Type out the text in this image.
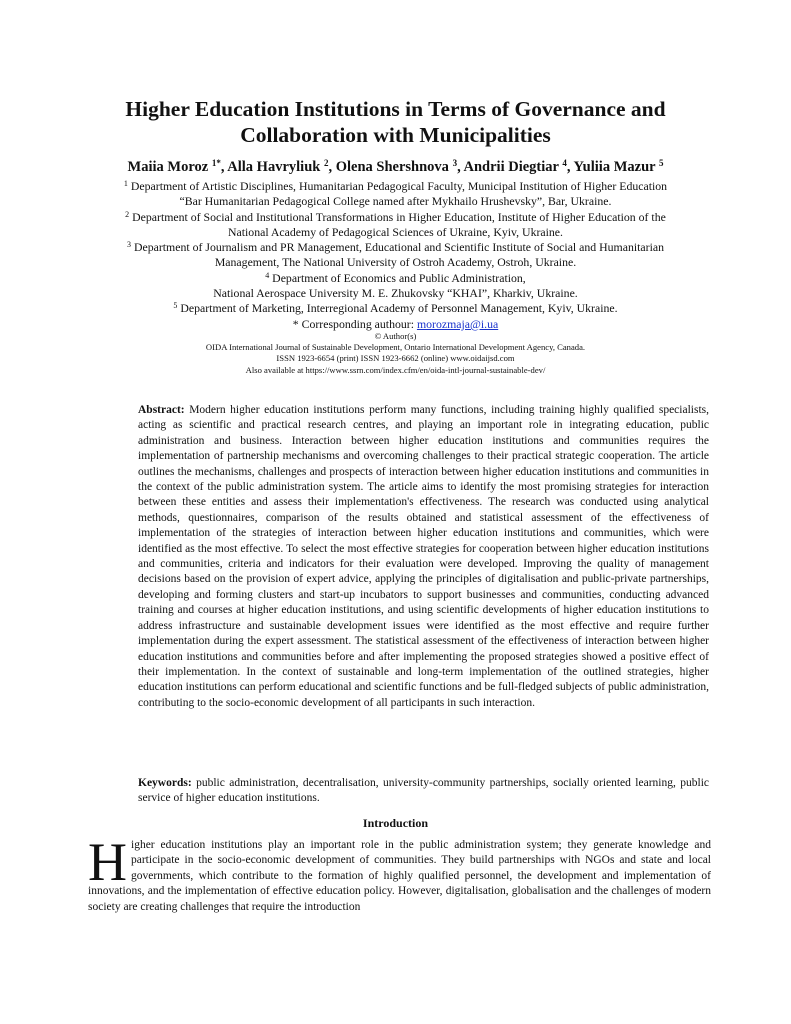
Higher Education Institutions in Terms of Governance and
Collaboration with Municipalities
Maiia Moroz $^{1*}$, Alla Havryliuk $^2$, Olena Shershnova $^3$, Andrii Diegtiar $^4$, Yuliia Mazur $^5$
$^1$ Department of Artistic Disciplines, Humanitarian Pedagogical Faculty, Municipal Institution of Higher Education
“Bar Humanitarian Pedagogical College named after Mykhailo Hrushevsky”, Bar, Ukraine.
$^2$ Department of Social and Institutional Transformations in Higher Education, Institute of Higher Education of the
National Academy of Pedagogical Sciences of Ukraine, Kyiv, Ukraine.
$^3$ Department of Journalism and PR Management, Educational and Scientific Institute of Social and Humanitarian
Management, The National University of Ostroh Academy, Ostroh, Ukraine.
$^4$ Department of Economics and Public Administration,
National Aerospace University M. E. Zhukovsky “KHAI”, Kharkiv, Ukraine.
$^5$ Department of Marketing, Interregional Academy of Personnel Management, Kyiv, Ukraine.
* Corresponding authour: morozmaja@i.ua
© Author(s)
OIDA International Journal of Sustainable Development, Ontario International Development Agency, Canada.
ISSN 1923-6654 (print) ISSN 1923-6662 (online) www.oidaijsd.com
Also available at https://www.ssrn.com/index.cfm/en/oida-intl-journal-sustainable-dev/
Abstract: Modern higher education institutions perform many functions, including training highly qualified specialists, acting as scientific and practical research centres, and playing an important role in integrating education, public administration and business. Interaction between higher education institutions and communities requires the implementation of partnership mechanisms and overcoming challenges to their practical strategic cooperation. The article outlines the mechanisms, challenges and prospects of interaction between higher education institutions and communities in the context of the public administration system. The article aims to identify the most promising strategies for interaction between these entities and assess their implementation's effectiveness. The research was conducted using analytical methods, questionnaires, comparison of the results obtained and statistical assessment of the effectiveness of implementation of the strategies of interaction between higher education institutions and communities, which were identified as the most effective. To select the most effective strategies for cooperation between higher education institutions and communities, criteria and indicators for their evaluation were developed. Improving the quality of management decisions based on the provision of expert advice, applying the principles of digitalisation and public-private partnerships, developing and forming clusters and start-up incubators to support businesses and communities, conducting advanced training and courses at higher education institutions, and using scientific developments of higher education institutions to address infrastructure and sustainable development issues were identified as the most effective and require further implementation during the expert assessment. The statistical assessment of the effectiveness of interaction between higher education institutions and communities before and after implementing the proposed strategies showed a positive effect of their implementation. In the context of sustainable and long-term implementation of the outlined strategies, higher education institutions can perform educational and scientific functions and be full-fledged subjects of public administration, contributing to the socio-economic development of all participants in such interaction.
Keywords: public administration, decentralisation, university-community partnerships, socially oriented learning, public service of higher education institutions.
Introduction
Higher education institutions play an important role in the public administration system; they generate knowledge and participate in the socio-economic development of communities. They build partnerships with NGOs and state and local governments, which contribute to the formation of highly qualified personnel, the development and implementation of innovations, and the implementation of effective education policy. However, digitalisation, globalisation and the challenges of modern society are creating challenges that require the introduction
